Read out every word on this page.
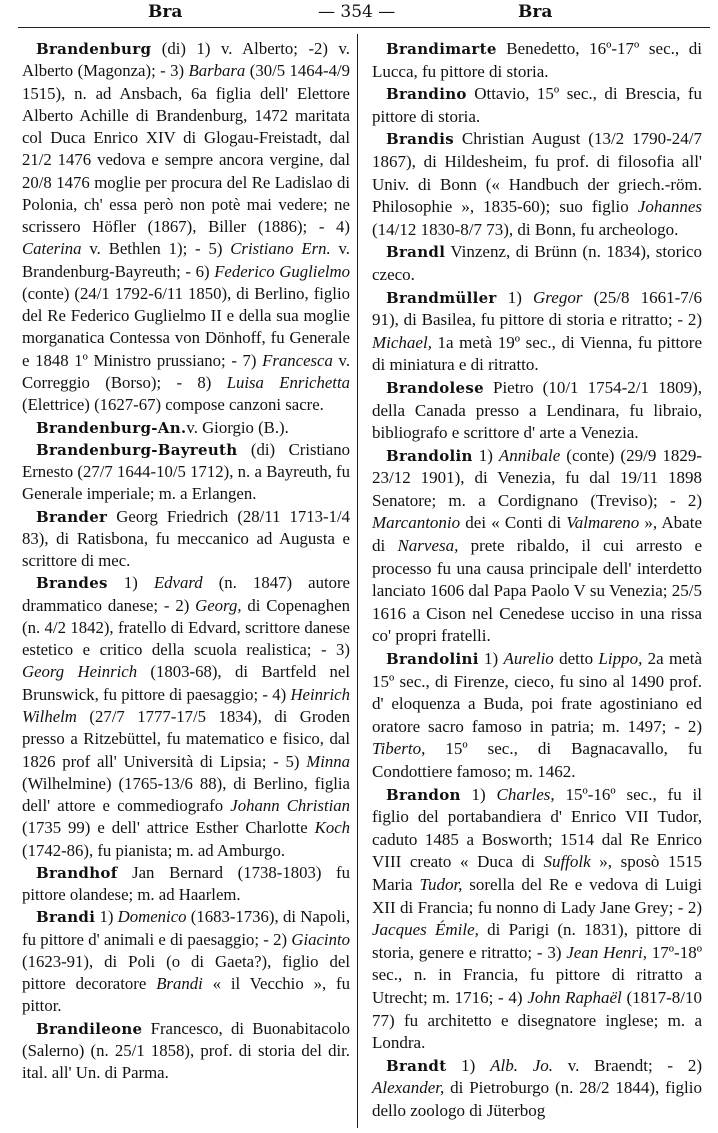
Bra	— 354 —	Bra

Brandenburg (di) 1) v. Alberto; -2) v. Alberto (Magonza); - 3) Barbara (30/5 1464-4/9 1515), n. ad Ansbach, 6a figlia dell' Elettore Alberto Achille di Brandenburg, 1472 maritata col Duca Enrico XIV di Glogau-Freistadt, dal 21/2 1476 vedova e sempre ancora vergine, dal 20/8 1476 moglie per procura del Re Ladislao di Polonia, ch' essa però non potè mai vedere; ne scrissero Höfler (1867), Biller (1886); - 4) Caterina v. Bethlen 1); - 5) Cristiano Ern. v. Brandenburg-Bayreuth; - 6) Federico Guglielmo (conte) (24/1 1792-6/11 1850), di Berlino, figlio del Re Federico Guglielmo II e della sua moglie morganatica Contessa von Dönhoff, fu Generale e 1848 1º Ministro prussiano; - 7) Francesca v. Correggio (Borso); - 8) Luisa Enrichetta (Elettrice) (1627-67) compose canzoni sacre.

Brandenburg-An.v. Giorgio (B.).

Brandenburg-Bayreuth (di) Cristiano Ernesto (27/7 1644-10/5 1712), n. a Bayreuth, fu Generale imperiale; m. a Erlangen.

Brander Georg Friedrich (28/11 1713-1/4 83), di Ratisbona, fu meccanico ad Augusta e scrittore di mec.

Brandes 1) Edvard (n. 1847) autore drammatico danese; - 2) Georg, di Copenaghen (n. 4/2 1842), fratello di Edvard, scrittore danese estetico e critico della scuola realistica; - 3) Georg Heinrich (1803-68), di Bartfeld nel Brunswick, fu pittore di paesaggio; - 4) Heinrich Wilhelm (27/7 1777-17/5 1834), di Groden presso a Ritzebüttel, fu matematico e fisico, dal 1826 prof all' Università di Lipsia; - 5) Minna (Wilhelmine) (1765-13/6 88), di Berlino, figlia dell' attore e commediografo Johann Christian (1735 99) e dell' attrice Esther Charlotte Koch (1742-86), fu pianista; m. ad Amburgo.

Brandhof Jan Bernard (1738-1803) fu pittore olandese; m. ad Haarlem.

Brandi 1) Domenico (1683-1736), di Napoli, fu pittore d' animali e di paesaggio; - 2) Giacinto (1623-91), di Poli (o di Gaeta?), figlio del pittore decoratore Brandi « il Vecchio », fu pittor.

Brandileone Francesco, di Buonabitacolo (Salerno) (n. 25/1 1858), prof. di storia del dir. ital. all' Un. di Parma.

Brandimarte Benedetto, 16º-17º sec., di Lucca, fu pittore di storia.

Brandino Ottavio, 15º sec., di Brescia, fu pittore di storia.

Brandis Christian August (13/2 1790-24/7 1867), di Hildesheim, fu prof. di filosofia all' Univ. di Bonn (« Handbuch der griech.-röm. Philosophie », 1835-60); suo figlio Johannes (14/12 1830-8/7 73), di Bonn, fu archeologo.

Brandl Vinzenz, di Brünn (n. 1834), storico czeco.

Brandmüller 1) Gregor (25/8 1661-7/6 91), di Basilea, fu pittore di storia e ritratto; - 2) Michael, 1a metà 19º sec., di Vienna, fu pittore di miniatura e di ritratto.

Brandolese Pietro (10/1 1754-2/1 1809), della Canada presso a Lendinara, fu libraio, bibliografo e scrittore d' arte a Venezia.

Brandolin 1) Annibale (conte) (29/9 1829-23/12 1901), di Venezia, fu dal 19/11 1898 Senatore; m. a Cordignano (Treviso); - 2) Marcantonio dei « Conti di Valmareno », Abate di Narvesa, prete ribaldo, il cui arresto e processo fu una causa principale dell' interdetto lanciato 1606 dal Papa Paolo V su Venezia; 25/5 1616 a Cison nel Cenedese ucciso in una rissa co' propri fratelli.

Brandolini 1) Aurelio detto Lippo, 2a metà 15º sec., di Firenze, cieco, fu sino al 1490 prof. d' eloquenza a Buda, poi frate agostiniano ed oratore sacro famoso in patria; m. 1497; - 2) Tiberto, 15º sec., di Bagnacavallo, fu Condottiere famoso; m. 1462.

Brandon 1) Charles, 15º-16º sec., fu il figlio del portabandiera d' Enrico VII Tudor, caduto 1485 a Bosworth; 1514 dal Re Enrico VIII creato « Duca di Suffolk », sposò 1515 Maria Tudor, sorella del Re e vedova di Luigi XII di Francia; fu nonno di Lady Jane Grey; - 2) Jacques Émile, di Parigi (n. 1831), pittore di storia, genere e ritratto; - 3) Jean Henri, 17º-18º sec., n. in Francia, fu pittore di ritratto a Utrecht; m. 1716; - 4) John Raphaël (1817-8/10 77) fu architetto e disegnatore inglese; m. a Londra.

Brandt 1) Alb. Jo. v. Braendt; - 2) Alexander, di Pietroburgo (n. 28/2 1844), figlio dello zoologo di Jüterbog
